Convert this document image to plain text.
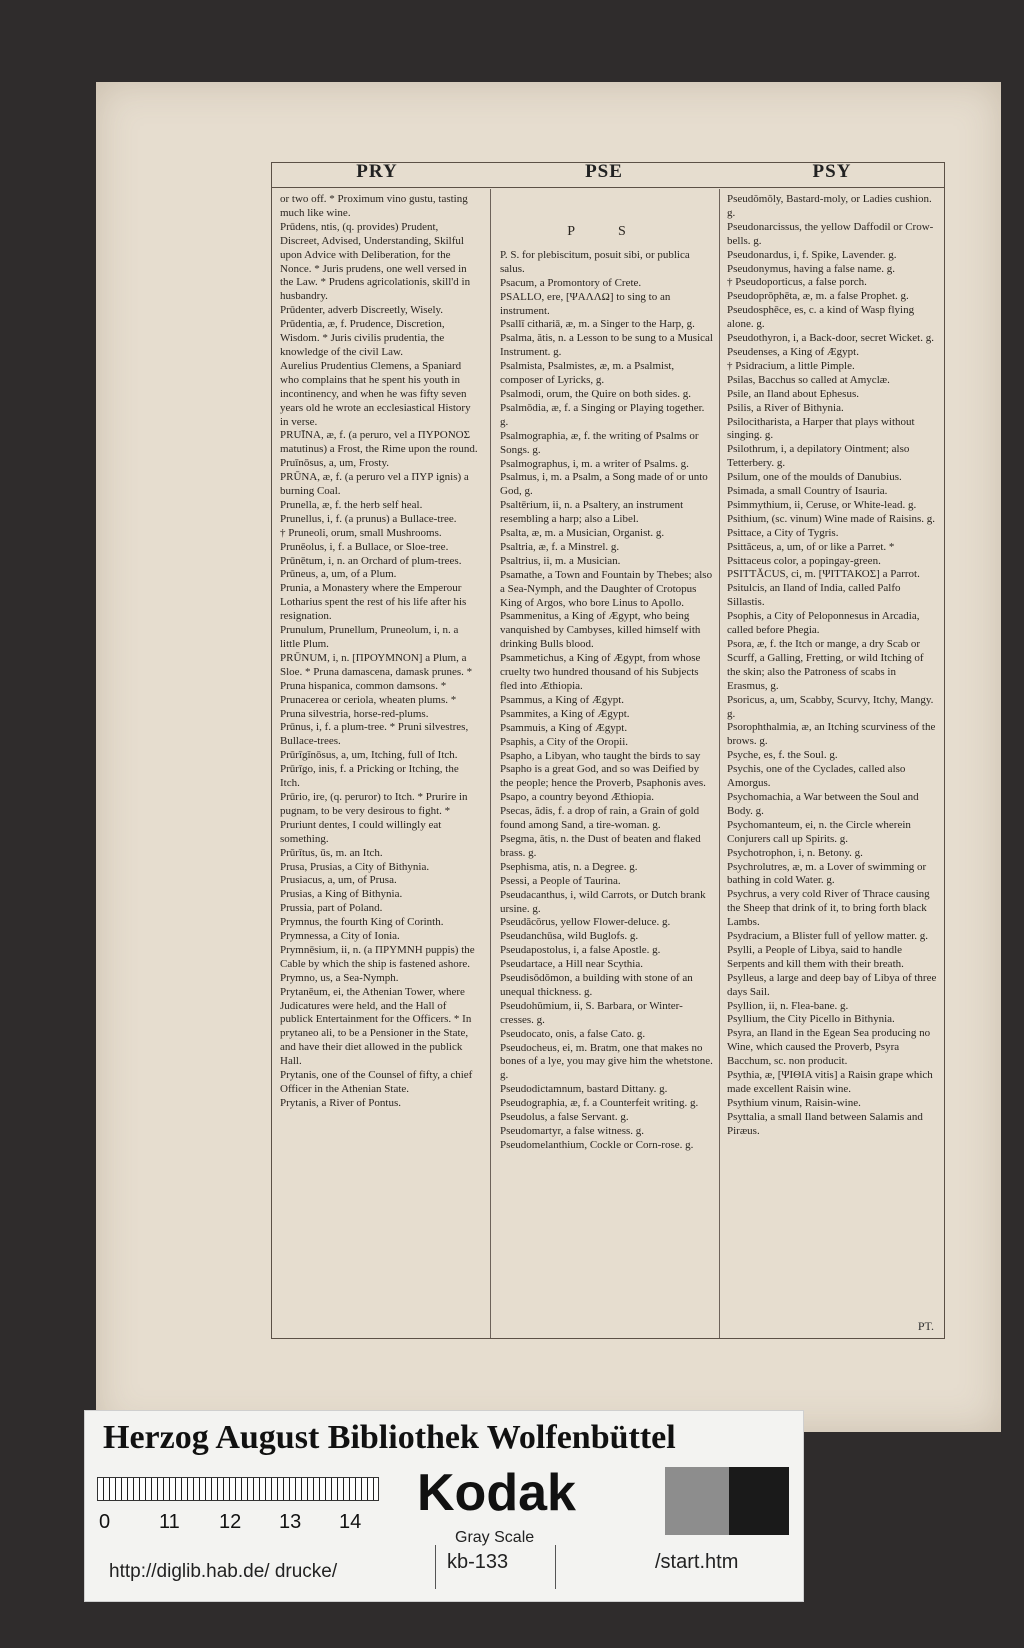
PRY	PSE	PSY

or two off. * Proximum vino gustu, tasting much like wine.

Prūdens, ntis, (q. provides) Prudent, Discreet, Advised, Understanding, Skilful upon Advice with Deliberation, for the Nonce. * Juris prudens, one well versed in the Law. * Prudens agricolationis, skill'd in husbandry.

Prūdenter, adverb Discreetly, Wisely.

Prūdentia, æ, f. Prudence, Discretion, Wisdom. * Juris civilis prudentia, the knowledge of the civil Law.

Aurelius Prudentius Clemens, a Spaniard who complains that he spent his youth in incontinency, and when he was fifty seven years old he wrote an ecclesiastical History in verse.

PRUĪNA, æ, f. (a peruro, vel a ΠΥΡΟΝΟΣ matutinus) a Frost, the Rime upon the round.

Pruīnōsus, a, um, Frosty.

PRŪNA, æ, f. (a peruro vel a ΠΥΡ ignis) a burning Coal.

Prunella, æ, f. the herb self heal.

Prunellus, i, f. (a prunus) a Bullace-tree.

† Pruneoli, orum, small Mushrooms.

Prunēolus, i, f. a Bullace, or Sloe-tree.

Prūnētum, i, n. an Orchard of plum-trees.

Prūneus, a, um, of a Plum.

Prunia, a Monastery where the Emperour Lotharius spent the rest of his life after his resignation.

Prunulum, Prunellum, Pruneolum, i, n. a little Plum.

PRŪNUM, i, n. [ΠΡΟΥΜΝΟΝ] a Plum, a Sloe. * Pruna damascena, damask prunes. * Pruna hispanica, common damsons. * Prunacerea or ceriola, wheaten plums. * Pruna silvestria, horse-red-plums.

Prūnus, i, f. a plum-tree. * Pruni silvestres, Bullace-trees.

Prūrīgĭnōsus, a, um, Itching, full of Itch.

Prūrīgo, inis, f. a Pricking or Itching, the Itch.

Prūrio, ire, (q. peruror) to Itch. * Prurire in pugnam, to be very desirous to fight. * Pruriunt dentes, I could willingly eat something.

Prūrītus, ūs, m. an Itch.

Prusa, Prusias, a City of Bithynia.

Prusiacus, a, um, of Prusa.

Prusias, a King of Bithynia.

Prussia, part of Poland.

Prymnus, the fourth King of Corinth.

Prymnessa, a City of Ionia.

Prymnēsium, ii, n. (a ΠΡΥΜΝΗ puppis) the Cable by which the ship is fastened ashore.

Prymno, us, a Sea-Nymph.

Prytanēum, ei, the Athenian Tower, where Judicatures were held, and the Hall of publick Entertainment for the Officers. * In prytaneo ali, to be a Pensioner in the State, and have their diet allowed in the publick Hall.

Prytanis, one of the Counsel of fifty, a chief Officer in the Athenian State.

Prytanis, a River of Pontus.

P S

P. S. for plebiscitum, posuit sibi, or publica salus.

Psacum, a Promontory of Crete.

PSALLO, ere, [ΨΑΛΛΩ] to sing to an instrument.

Psallĭ cithariā, æ, m. a Singer to the Harp, g.

Psalma, ătis, n. a Lesson to be sung to a Musical Instrument. g.

Psalmista, Psalmistes, æ, m. a Psalmist, composer of Lyricks, g.

Psalmodi, orum, the Quire on both sides. g.

Psalmōdia, æ, f. a Singing or Playing together. g.

Psalmographia, æ, f. the writing of Psalms or Songs. g.

Psalmographus, i, m. a writer of Psalms. g.

Psalmus, i, m. a Psalm, a Song made of or unto God, g.

Psaltērium, ii, n. a Psaltery, an instrument resembling a harp; also a Libel.

Psalta, æ, m. a Musician, Organist. g.

Psaltria, æ, f. a Minstrel. g.

Psaltrius, ii, m. a Musician.

Psamathe, a Town and Fountain by Thebes; also a Sea-Nymph, and the Daughter of Crotopus King of Argos, who bore Linus to Apollo.

Psammenitus, a King of Ægypt, who being vanquished by Cambyses, killed himself with drinking Bulls blood.

Psammetichus, a King of Ægypt, from whose cruelty two hundred thousand of his Subjects fled into Æthiopia.

Psammus, a King of Ægypt.

Psammites, a King of Ægypt.

Psammuis, a King of Ægypt.

Psaphis, a City of the Oropii.

Psapho, a Libyan, who taught the birds to say Psapho is a great God, and so was Deified by the people; hence the Proverb, Psaphonis aves.

Psapo, a country beyond Æthiopia.

Psecas, ădis, f. a drop of rain, a Grain of gold found among Sand, a tire-woman. g.

Psegma, ătis, n. the Dust of beaten and flaked brass. g.

Psephisma, atis, n. a Degree. g.

Psessi, a People of Taurina.

Pseudacanthus, i, wild Carrots, or Dutch brank ursine. g.

Pseudăcŏrus, yellow Flower-deluce. g.

Pseudanchūsa, wild Buglofs. g.

Pseudapostolus, i, a false Apostle. g.

Pseudartace, a Hill near Scythia.

Pseudisŏdŏmon, a building with stone of an unequal thickness. g.

Pseudohŭmium, ii, S. Barbara, or Winter-cresses. g.

Pseudocato, onis, a false Cato. g.

Pseudocheus, ei, m. Bratm, one that makes no bones of a lye, you may give him the whetstone. g.

Pseudodictamnum, bastard Dittany. g.

Pseudographia, æ, f. a Counterfeit writing. g.

Pseudolus, a false Servant. g.

Pseudomartyr, a false witness. g.

Pseudomelanthium, Cockle or Corn-rose. g.

Pseudŏmŏly, Bastard-moly, or Ladies cushion. g.

Pseudonarcissus, the yellow Daffodil or Crow-bells. g.

Pseudonardus, i, f. Spike, Lavender. g.

Pseudonymus, having a false name. g.

† Pseudoporticus, a false porch.

Pseudoprŏphēta, æ, m. a false Prophet. g.

Pseudosphēce, es, c. a kind of Wasp flying alone. g.

Pseudothyron, i, a Back-door, secret Wicket. g.

Pseudenses, a King of Ægypt.

† Psidracium, a little Pimple.

Psilas, Bacchus so called at Amyclæ.

Psile, an Iland about Ephesus.

Psilis, a River of Bithynia.

Psilocitharista, a Harper that plays without singing. g.

Psilothrum, i, a depilatory Ointment; also Tetterbery. g.

Psilum, one of the moulds of Danubius.

Psimada, a small Country of Isauria.

Psimmythium, ii, Ceruse, or White-lead. g.

Psithium, (sc. vinum) Wine made of Raisins. g.

Psittace, a City of Tygris.

Psittăceus, a, um, of or like a Parret. * Psittaceus color, a popingay-green.

PSITTĂCUS, ci, m. [ΨΙΤΤΑΚΟΣ] a Parrot.

Psitulcis, an Iland of India, called Palfo Sillastis.

Psophis, a City of Peloponnesus in Arcadia, called before Phegia.

Psora, æ, f. the Itch or mange, a dry Scab or Scurff, a Galling, Fretting, or wild Itching of the skin; also the Patroness of scabs in Erasmus, g.

Psoricus, a, um, Scabby, Scurvy, Itchy, Mangy. g.

Psorophthalmia, æ, an Itching scurviness of the brows. g.

Psyche, es, f. the Soul. g.

Psychis, one of the Cyclades, called also Amorgus.

Psychomachia, a War between the Soul and Body. g.

Psychomanteum, ei, n. the Circle wherein Conjurers call up Spirits. g.

Psychotrophon, i, n. Betony. g.

Psychrolutres, æ, m. a Lover of swimming or bathing in cold Water. g.

Psychrus, a very cold River of Thrace causing the Sheep that drink of it, to bring forth black Lambs.

Psydracium, a Blister full of yellow matter. g.

Psylli, a People of Libya, said to handle Serpents and kill them with their breath.

Psylleus, a large and deep bay of Libya of three days Sail.

Psyllion, ii, n. Flea-bane. g.

Psyllium, the City Picello in Bithynia.

Psyra, an Iland in the Egean Sea producing no Wine, which caused the Proverb, Psyra Bacchum, sc. non producit.

Psythia, æ, [ΨΙΘΙΑ vitis] a Raisin grape which made excellent Raisin wine.

Psythium vinum, Raisin-wine.

Psyttalia, a small Iland between Salamis and Piræus.

PT.
Herzog August Bibliothek Wolfenbüttel
0 11 12 13 14 Kodak
Gray Scale
http://diglib.hab.de/ drucke/	kb-133	/start.htm
